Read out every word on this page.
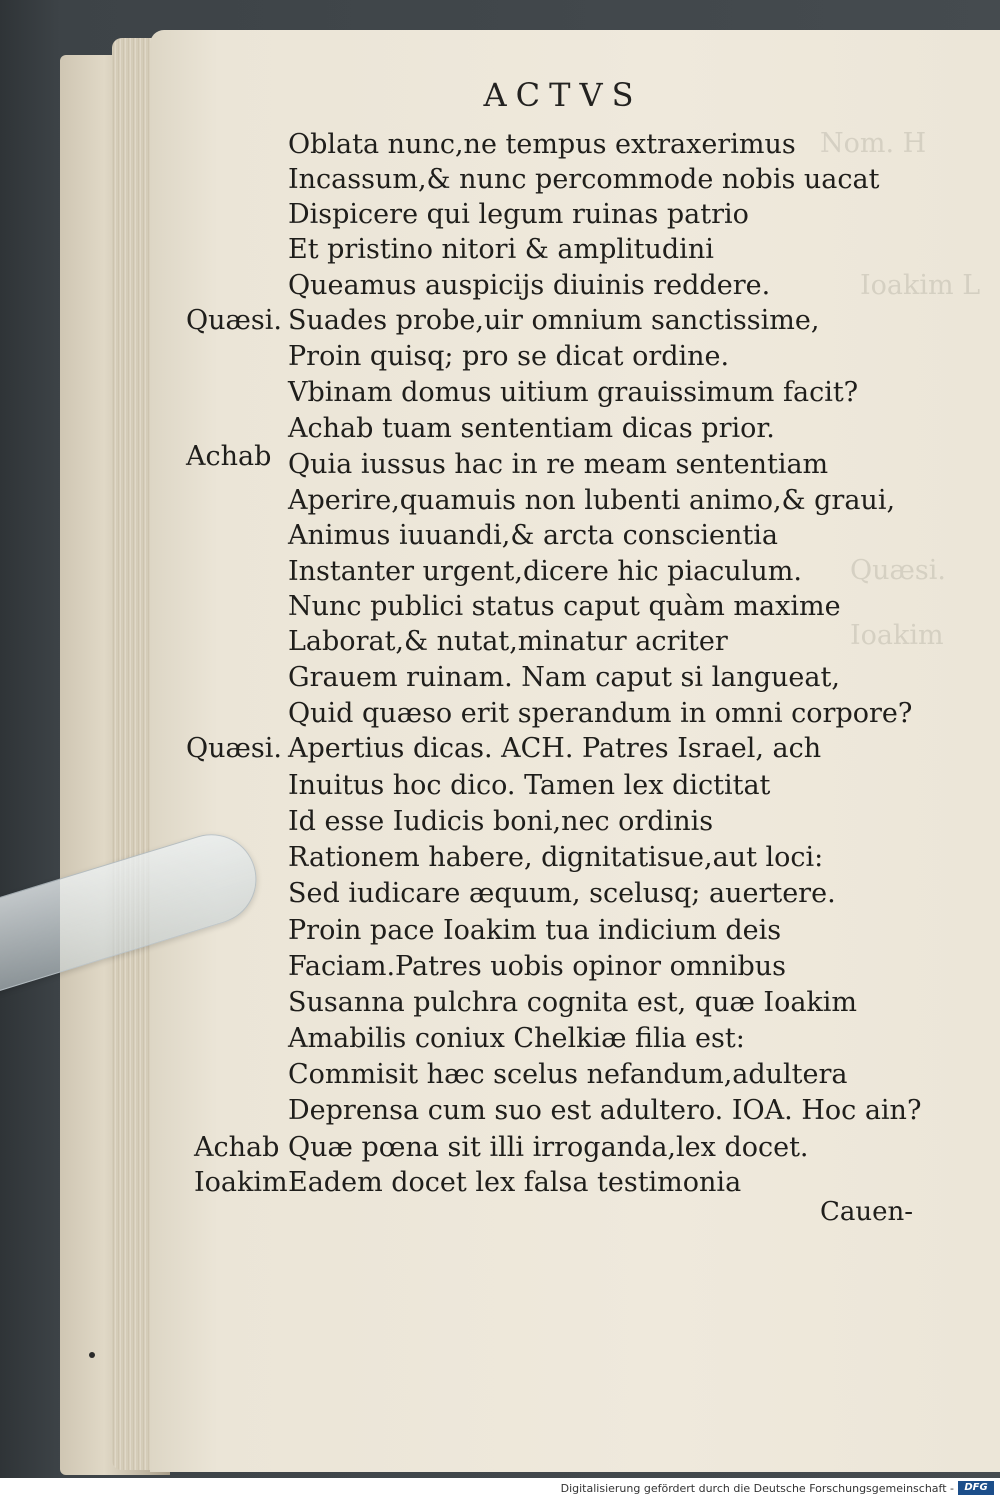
Nom. H
Ioakim L
Quæsi.
Ioakim
ACTVS
Oblata nunc,ne tempus extraxerimus
Incassum,& nunc percommode nobis uacat
Dispicere qui legum ruinas patrio
Et pristino nitori & amplitudini
Queamus auspicijs diuinis reddere.
Quæsi. Suades probe,uir omnium sanctissime,
Proin quisq; pro se dicat ordine.
Vbinam domus uitium grauissimum facit?
Achab tuam sententiam dicas prior.
Achab Quia iussus hac in re meam sententiam
Aperire,quamuis non lubenti animo,& graui,
Animus iuuandi,& arcta conscientia
Instanter urgent,dicere hic piaculum.
Nunc publici status caput quàm maxime
Laborat,& nutat,minatur acriter
Grauem ruinam. Nam caput si langueat,
Quid quæso erit sperandum in omni corpore?
Quæsi. Apertius dicas. ACH. Patres Israel, ach
Inuitus hoc dico. Tamen lex dictitat
Id esse Iudicis boni,nec ordinis
Rationem habere, dignitatisue,aut loci:
Sed iudicare æquum, scelusq; auertere.
Proin pace Ioakim tua indicium deis
Faciam.Patres uobis opinor omnibus
Susanna pulchra cognita est, quæ Ioakim
Amabilis coniux Chelkiæ filia est:
Commisit hæc scelus nefandum,adultera
Deprensa cum suo est adultero. IOA. Hoc ain?
Achab Quæ pœna sit illi irroganda,lex docet.
Ioakim Eadem docet lex falsa testimonia
Cauen-
Digitalisierung gefördert durch die Deutsche Forschungsgemeinschaft -	DFG
